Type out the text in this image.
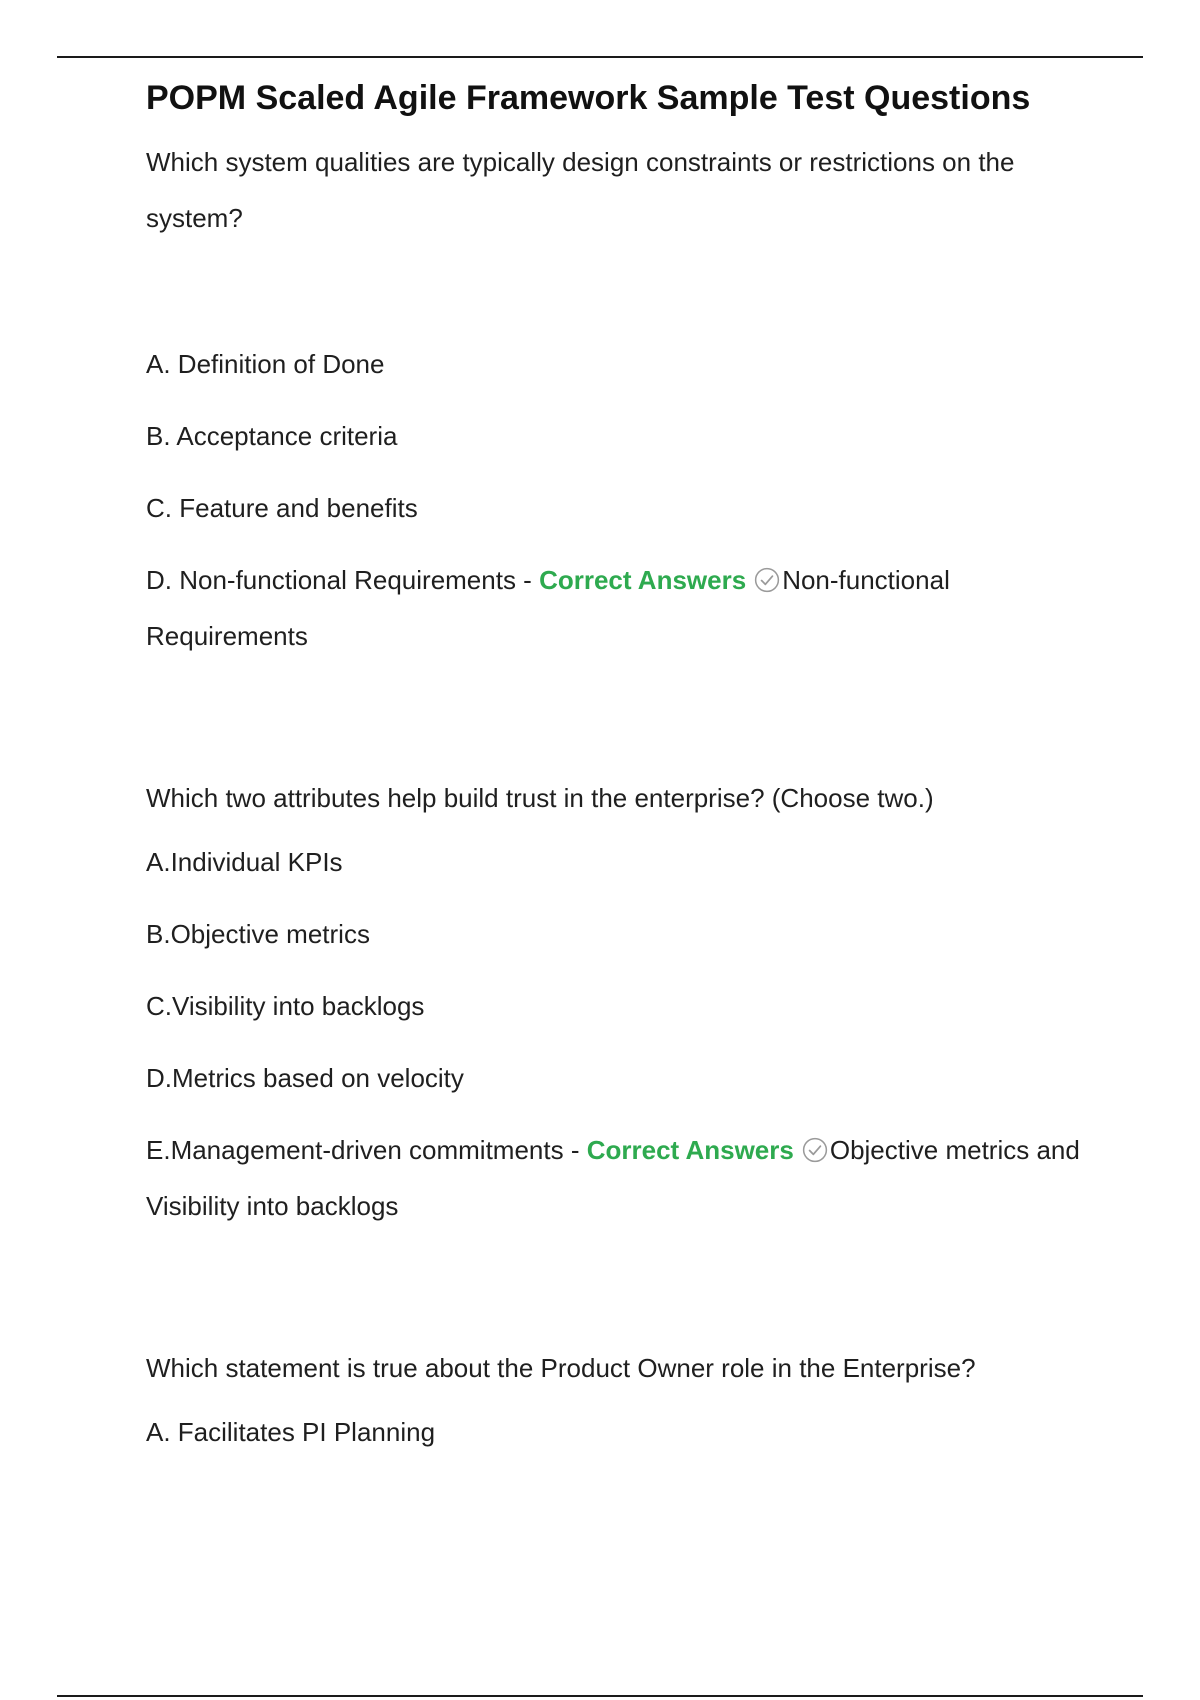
POPM Scaled Agile Framework Sample Test Questions

Which system qualities are typically design constraints or restrictions on the system?

A. Definition of Done

B. Acceptance criteria

C. Feature and benefits

D. Non-functional Requirements - Correct Answers Non-functional Requirements

Which two attributes help build trust in the enterprise? (Choose two.)

A.Individual KPIs

B.Objective metrics

C.Visibility into backlogs

D.Metrics based on velocity

E.Management-driven commitments - Correct Answers Objective metrics and Visibility into backlogs

Which statement is true about the Product Owner role in the Enterprise?

A. Facilitates PI Planning
